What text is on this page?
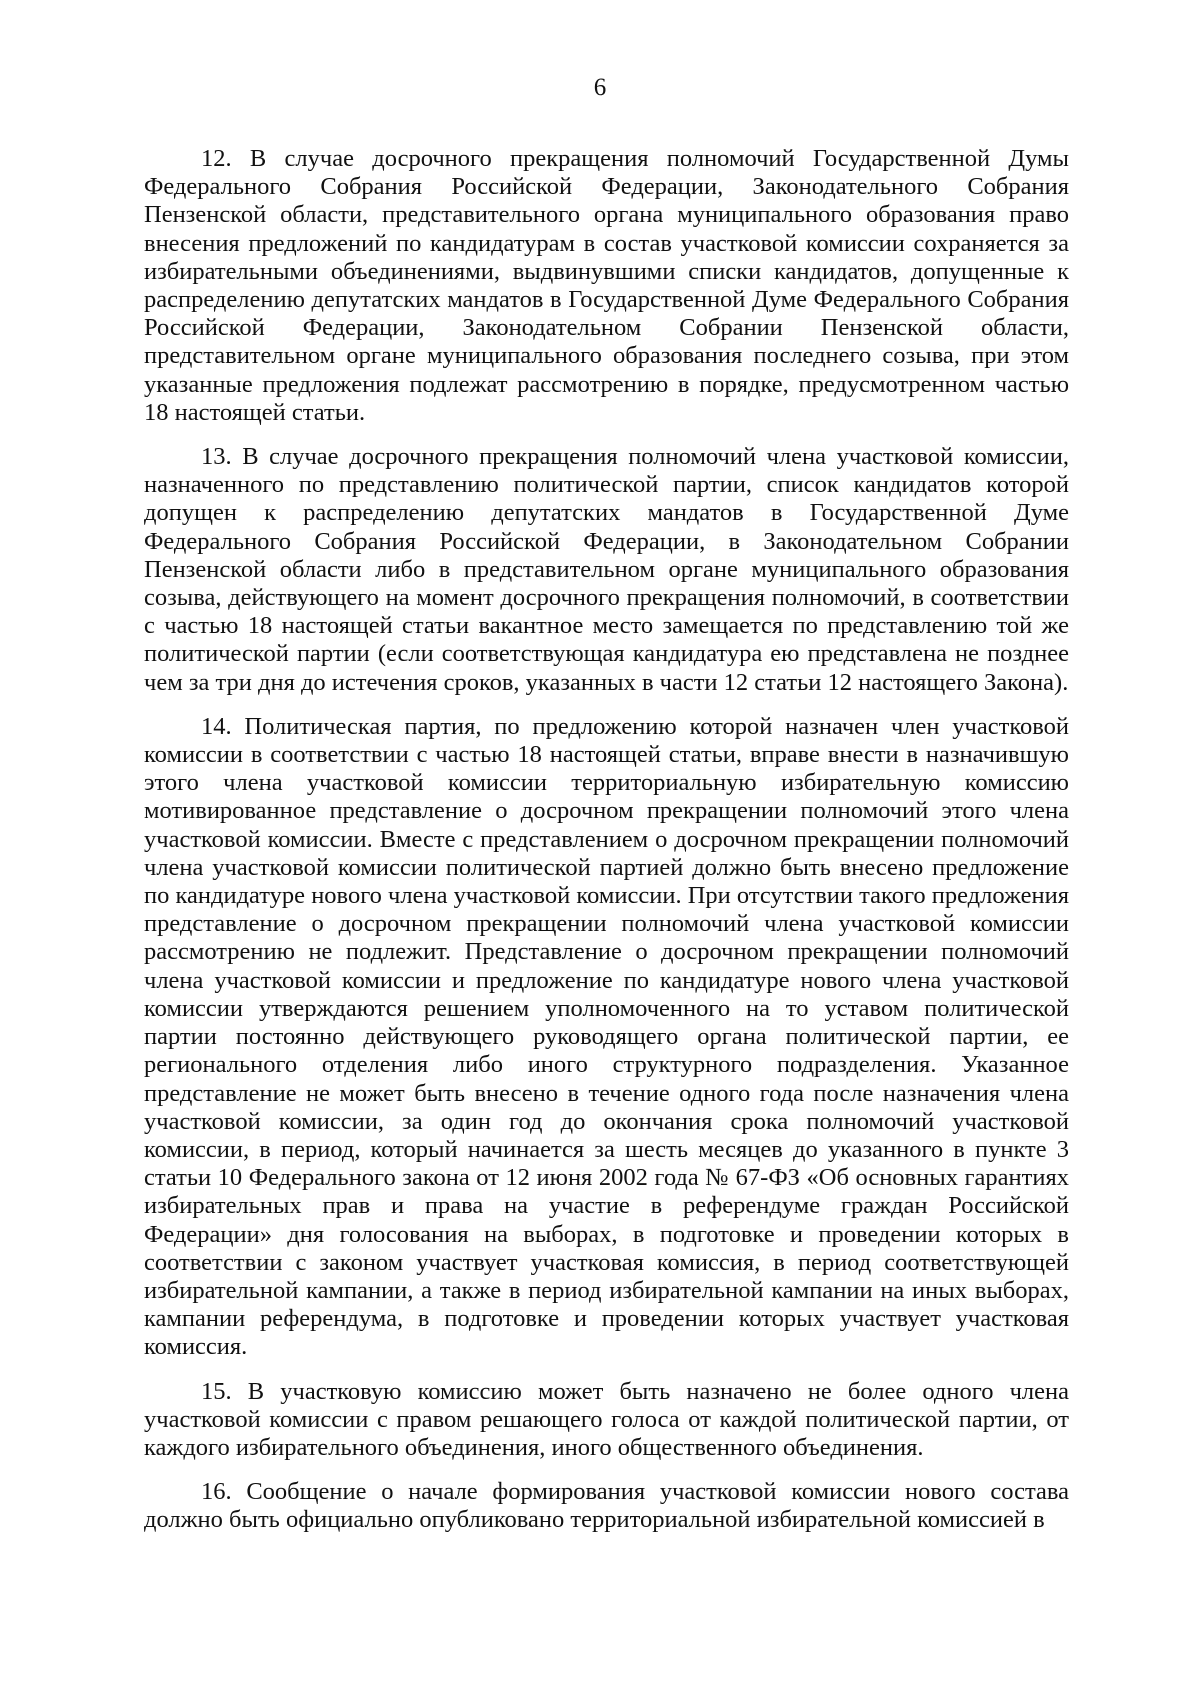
6

12. В случае досрочного прекращения полномочий Государственной Думы Федерального Собрания Российской Федерации, Законодательного Собрания Пензенской области, представительного органа муниципального образования право внесения предложений по кандидатурам в состав участковой комиссии сохраняется за избирательными объединениями, выдвинувшими списки кандидатов, допущенные к распределению депутатских мандатов в Государственной Думе Федерального Собрания Российской Федерации, Законодательном Собрании Пензенской области, представительном органе муниципального образования последнего созыва, при этом указанные предложения подлежат рассмотрению в порядке, предусмотренном частью 18 настоящей статьи.

13. В случае досрочного прекращения полномочий члена участковой комиссии, назначенного по представлению политической партии, список кандидатов которой допущен к распределению депутатских мандатов в Государственной Думе Федерального Собрания Российской Федерации, в Законодательном Собрании Пензенской области либо в представительном органе муниципального образования созыва, действующего на момент досрочного прекращения полномочий, в соответствии с частью 18 настоящей статьи вакантное место замещается по представлению той же политической партии (если соответствующая кандидатура ею представлена не позднее чем за три дня до истечения сроков, указанных в части 12 статьи 12 настоящего Закона).

14. Политическая партия, по предложению которой назначен член участковой комиссии в соответствии с частью 18 настоящей статьи, вправе внести в назначившую этого члена участковой комиссии территориальную избирательную комиссию мотивированное представление о досрочном прекращении полномочий этого члена участковой комиссии. Вместе с представлением о досрочном прекращении полномочий члена участковой комиссии политической партией должно быть внесено предложение по кандидатуре нового члена участковой комиссии. При отсутствии такого предложения представление о досрочном прекращении полномочий члена участковой комиссии рассмотрению не подлежит. Представление о досрочном прекращении полномочий члена участковой комиссии и предложение по кандидатуре нового члена участковой комиссии утверждаются решением уполномоченного на то уставом политической партии постоянно действующего руководящего органа политической партии, ее регионального отделения либо иного структурного подразделения. Указанное представление не может быть внесено в течение одного года после назначения члена участковой комиссии, за один год до окончания срока полномочий участковой комиссии, в период, который начинается за шесть месяцев до указанного в пункте 3 статьи 10 Федерального закона от 12 июня 2002 года № 67-ФЗ «Об основных гарантиях избирательных прав и права на участие в референдуме граждан Российской Федерации» дня голосования на выборах, в подготовке и проведении которых в соответствии с законом участвует участковая комиссия, в период соответствующей избирательной кампании, а также в период избирательной кампании на иных выборах, кампании референдума, в подготовке и проведении которых участвует участковая комиссия.

15. В участковую комиссию может быть назначено не более одного члена участковой комиссии с правом решающего голоса от каждой политической партии, от каждого избирательного объединения, иного общественного объединения.

16. Сообщение о начале формирования участковой комиссии нового состава должно быть официально опубликовано территориальной избирательной комиссией в
